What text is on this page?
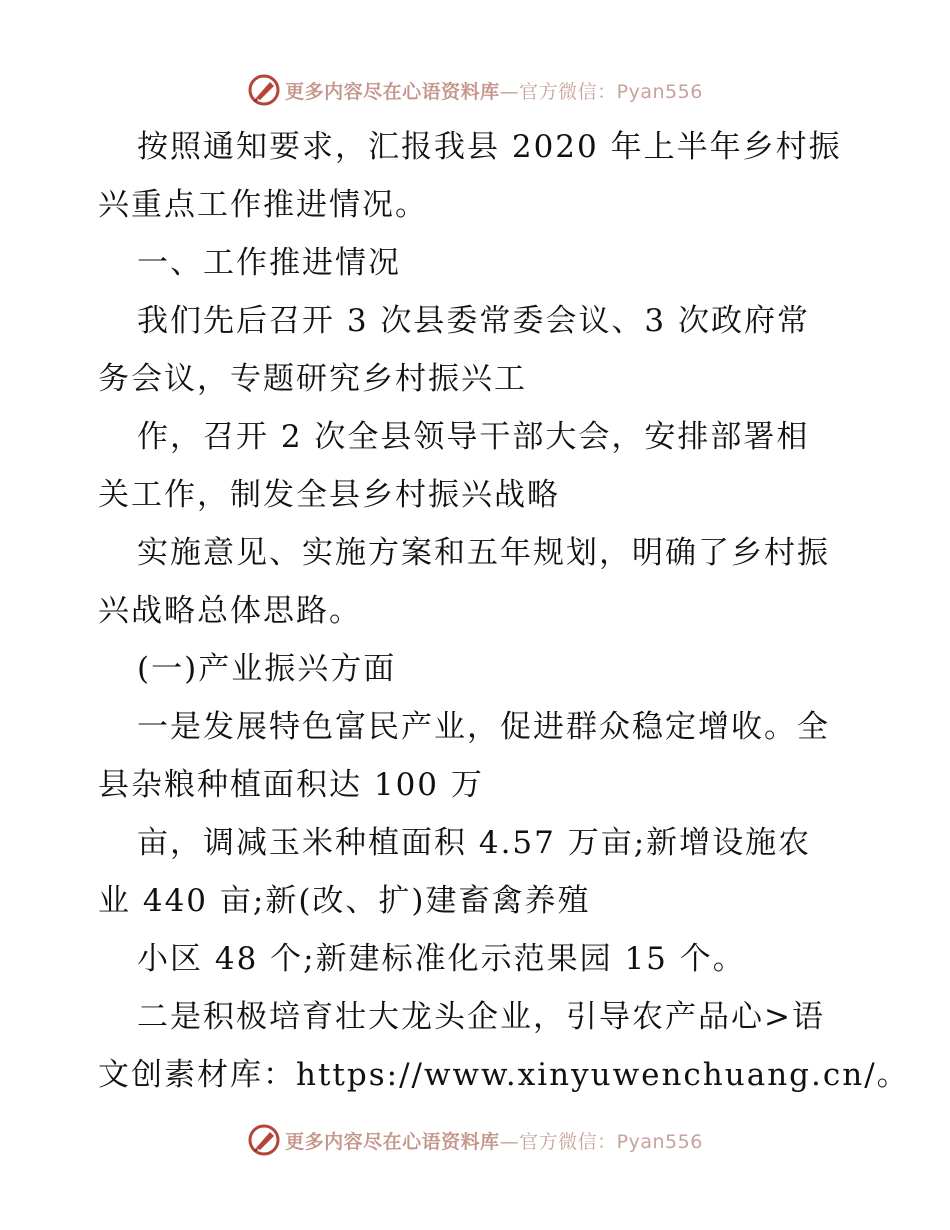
更多内容尽在心语资料库—官方微信：Pyan556
按照通知要求，汇报我县 2020 年上半年乡村振
兴重点工作推进情况。
一、工作推进情况
我们先后召开 3 次县委常委会议、3 次政府常
务会议，专题研究乡村振兴工
作，召开 2 次全县领导干部大会，安排部署相
关工作，制发全县乡村振兴战略
实施意见、实施方案和五年规划，明确了乡村振
兴战略总体思路。
(一)产业振兴方面
一是发展特色富民产业，促进群众稳定增收。全
县杂粮种植面积达 100 万
亩，调减玉米种植面积 4.57 万亩;新增设施农
业 440 亩;新(改、扩)建畜禽养殖
小区 48 个;新建标准化示范果园 15 个。
二是积极培育壮大龙头企业，引导农产品心>语
文创素材库：https://www.xinyuwenchuang.cn/。
更多内容尽在心语资料库—官方微信：Pyan556
